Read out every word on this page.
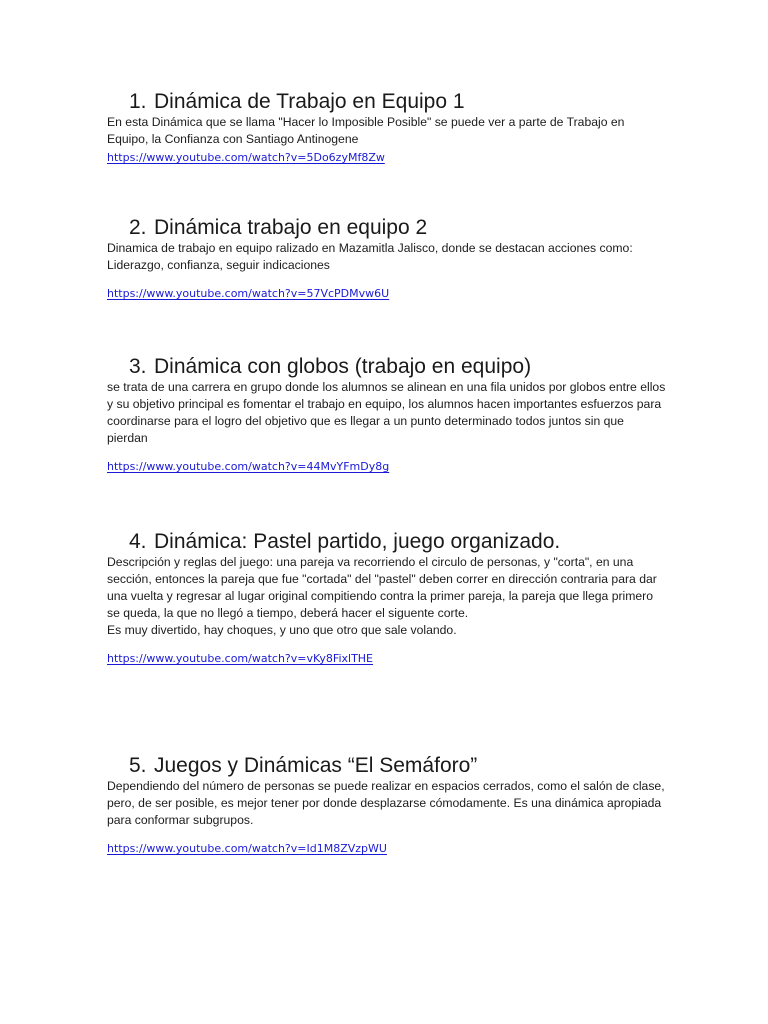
1. Dinámica de Trabajo en Equipo 1

En esta Dinámica que se llama "Hacer lo Imposible Posible" se puede ver a parte de Trabajo en Equipo, la Confianza con Santiago Antinogene

https://www.youtube.com/watch?v=5Do6zyMf8Zw
2. Dinámica trabajo en equipo 2

Dinamica de trabajo en equipo ralizado en Mazamitla Jalisco, donde se destacan acciones como: Liderazgo, confianza, seguir indicaciones

https://www.youtube.com/watch?v=57VcPDMvw6U
3. Dinámica con globos (trabajo en equipo)

se trata de una carrera en grupo donde los alumnos se alinean en una fila unidos por globos entre ellos y su objetivo principal es fomentar el trabajo en equipo, los alumnos hacen importantes esfuerzos para coordinarse para el logro del objetivo que es llegar a un punto determinado todos juntos sin que pierdan

https://www.youtube.com/watch?v=44MvYFmDy8g
4. Dinámica: Pastel partido, juego organizado.

Descripción y reglas del juego: una pareja va recorriendo el circulo de personas, y "corta", en una sección, entonces la pareja que fue "cortada" del "pastel" deben correr en dirección contraria para dar una vuelta y regresar al lugar original compitiendo contra la primer pareja, la pareja que llega primero se queda, la que no llegó a tiempo, deberá hacer el siguente corte.

Es muy divertido, hay choques, y uno que otro que sale volando.

https://www.youtube.com/watch?v=vKy8FixlTHE
5. Juegos y Dinámicas “El Semáforo”

Dependiendo del número de personas se puede realizar en espacios cerrados, como el salón de clase, pero, de ser posible, es mejor tener por donde desplazarse cómodamente. Es una dinámica apropiada para conformar subgrupos.

https://www.youtube.com/watch?v=Id1M8ZVzpWU
